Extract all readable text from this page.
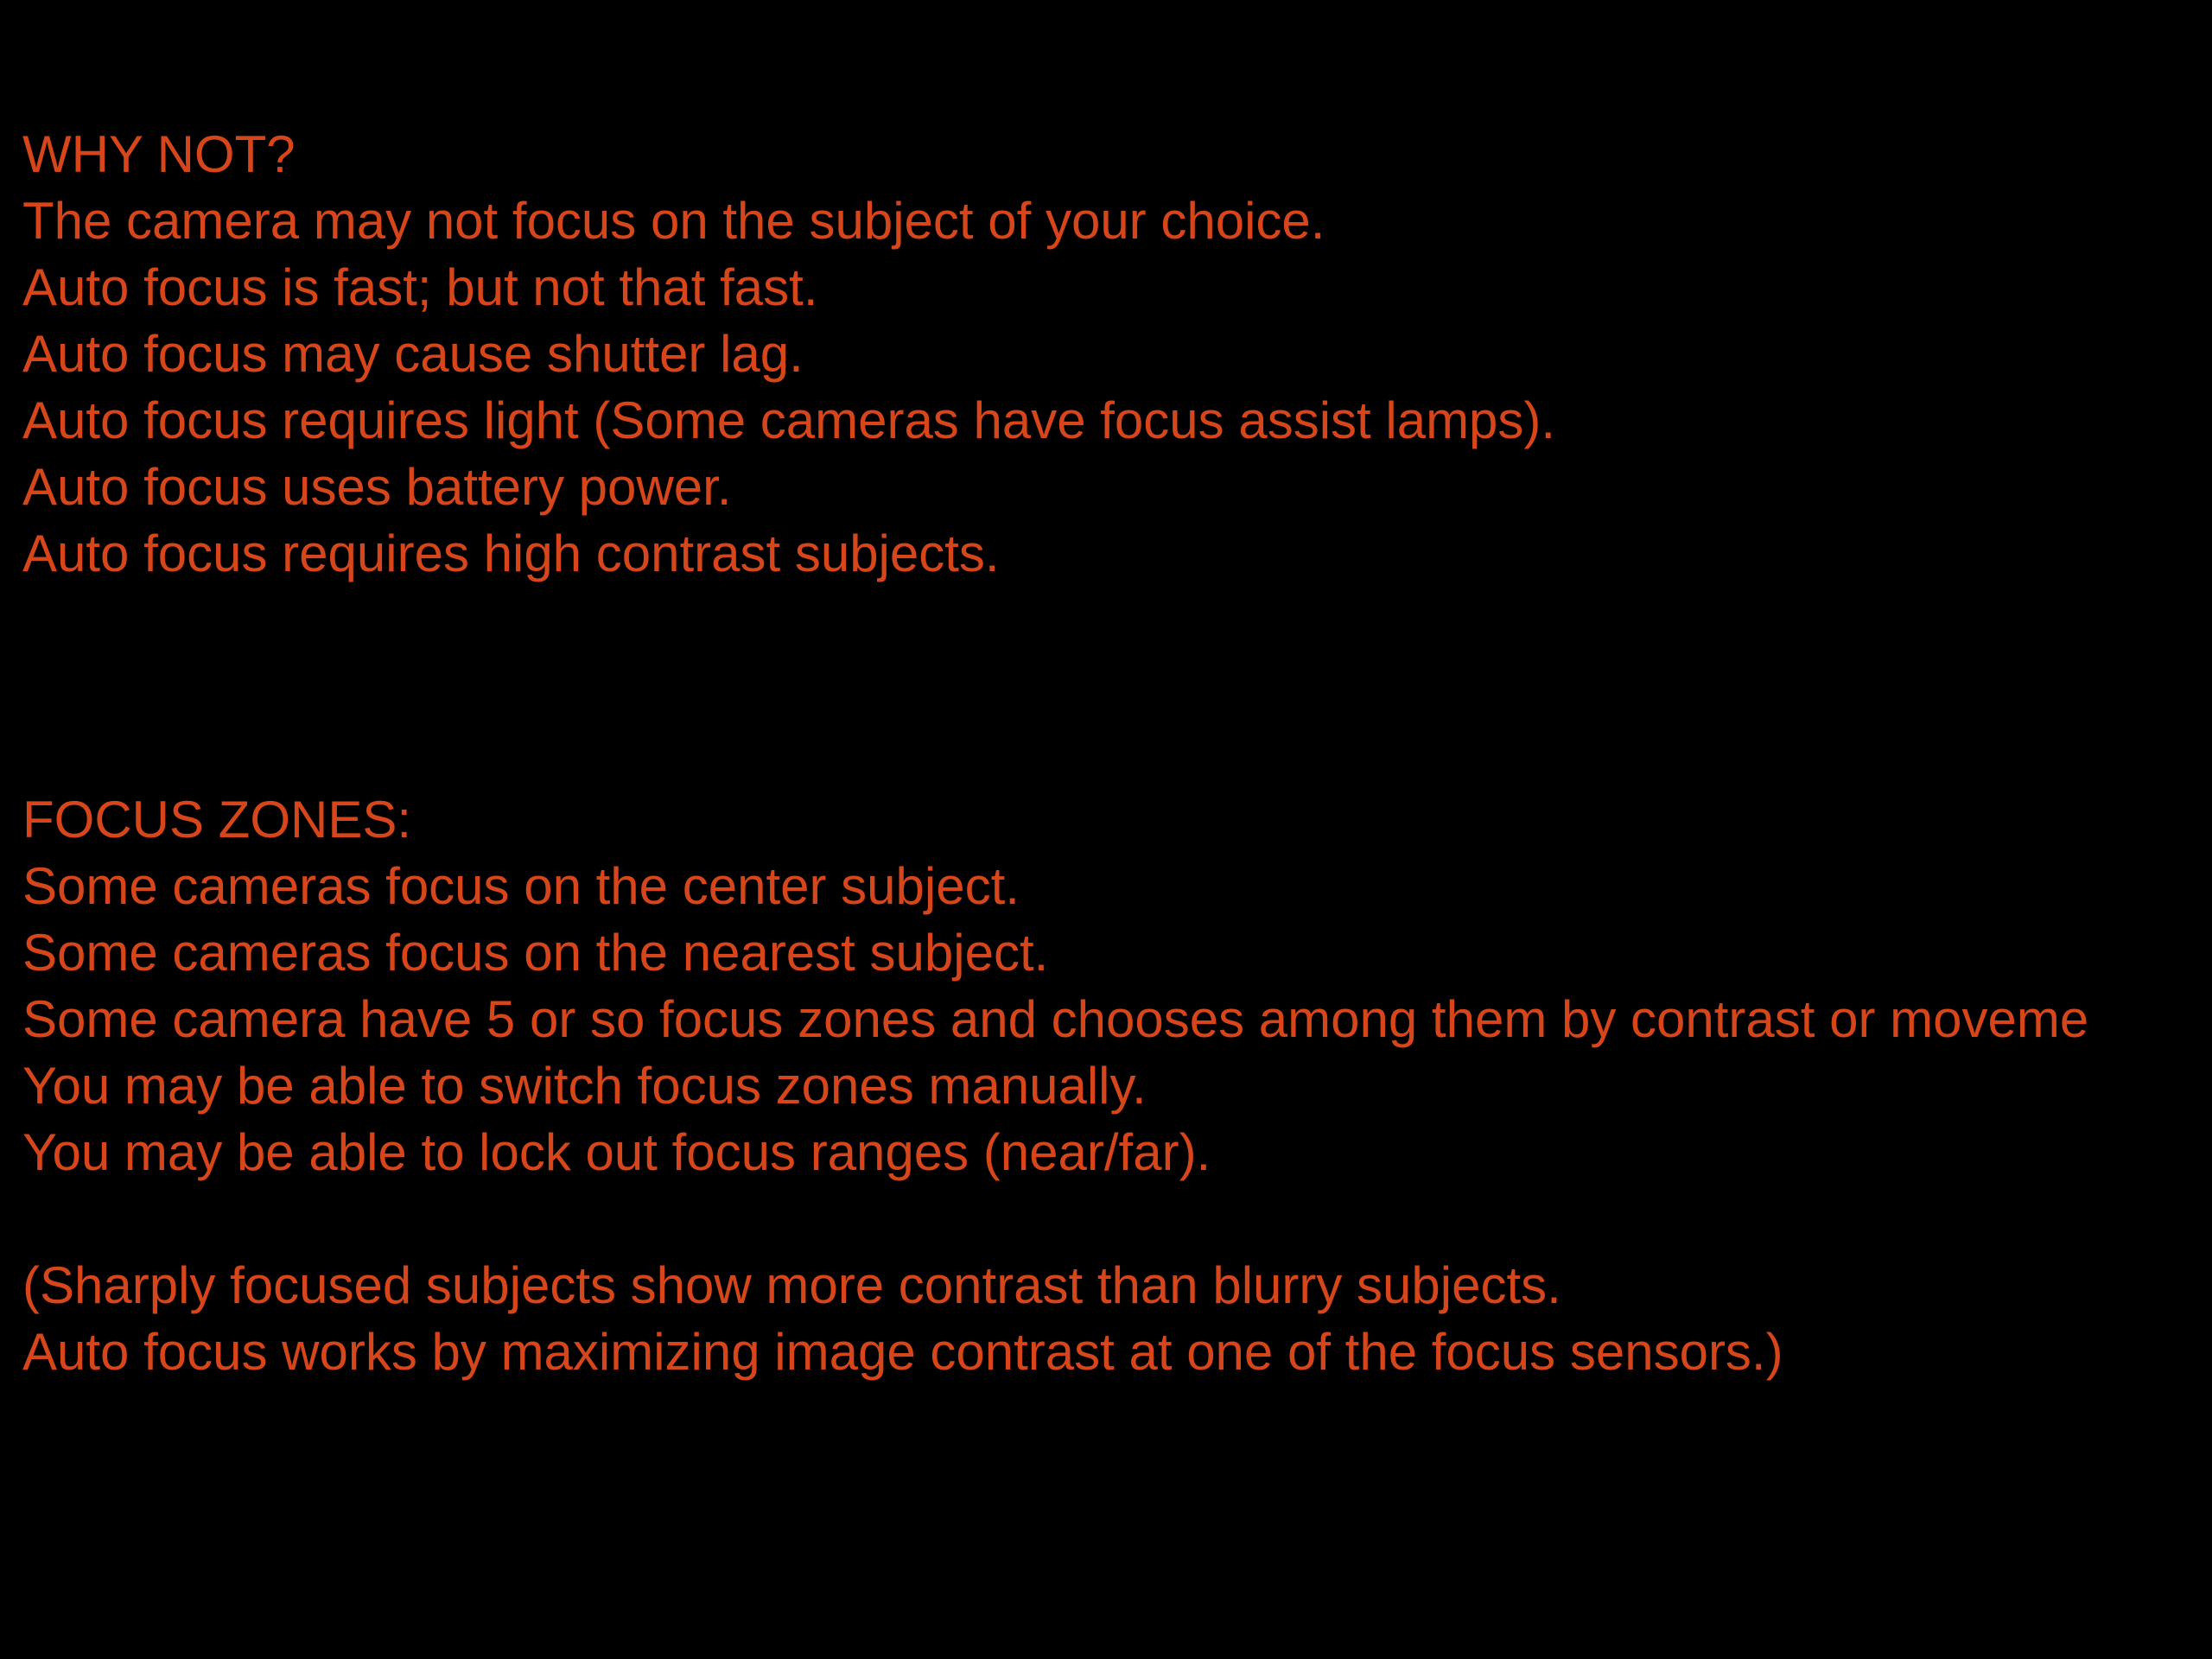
WHY NOT?
The camera may not focus on the subject of your choice.
Auto focus is fast; but not that fast.
Auto focus may cause shutter lag.
Auto focus requires light (Some cameras have focus assist lamps).
Auto focus uses battery power.
Auto focus requires high contrast subjects.
FOCUS ZONES:
Some cameras focus on the center subject.
Some cameras focus on the nearest subject.
Some camera have 5 or so focus zones and chooses among them by contrast or moveme
You may be able to switch focus zones manually.
You may be able to lock out focus ranges (near/far).
(Sharply focused subjects show more contrast than blurry subjects.
Auto focus works by maximizing image contrast at one of the focus sensors.)
